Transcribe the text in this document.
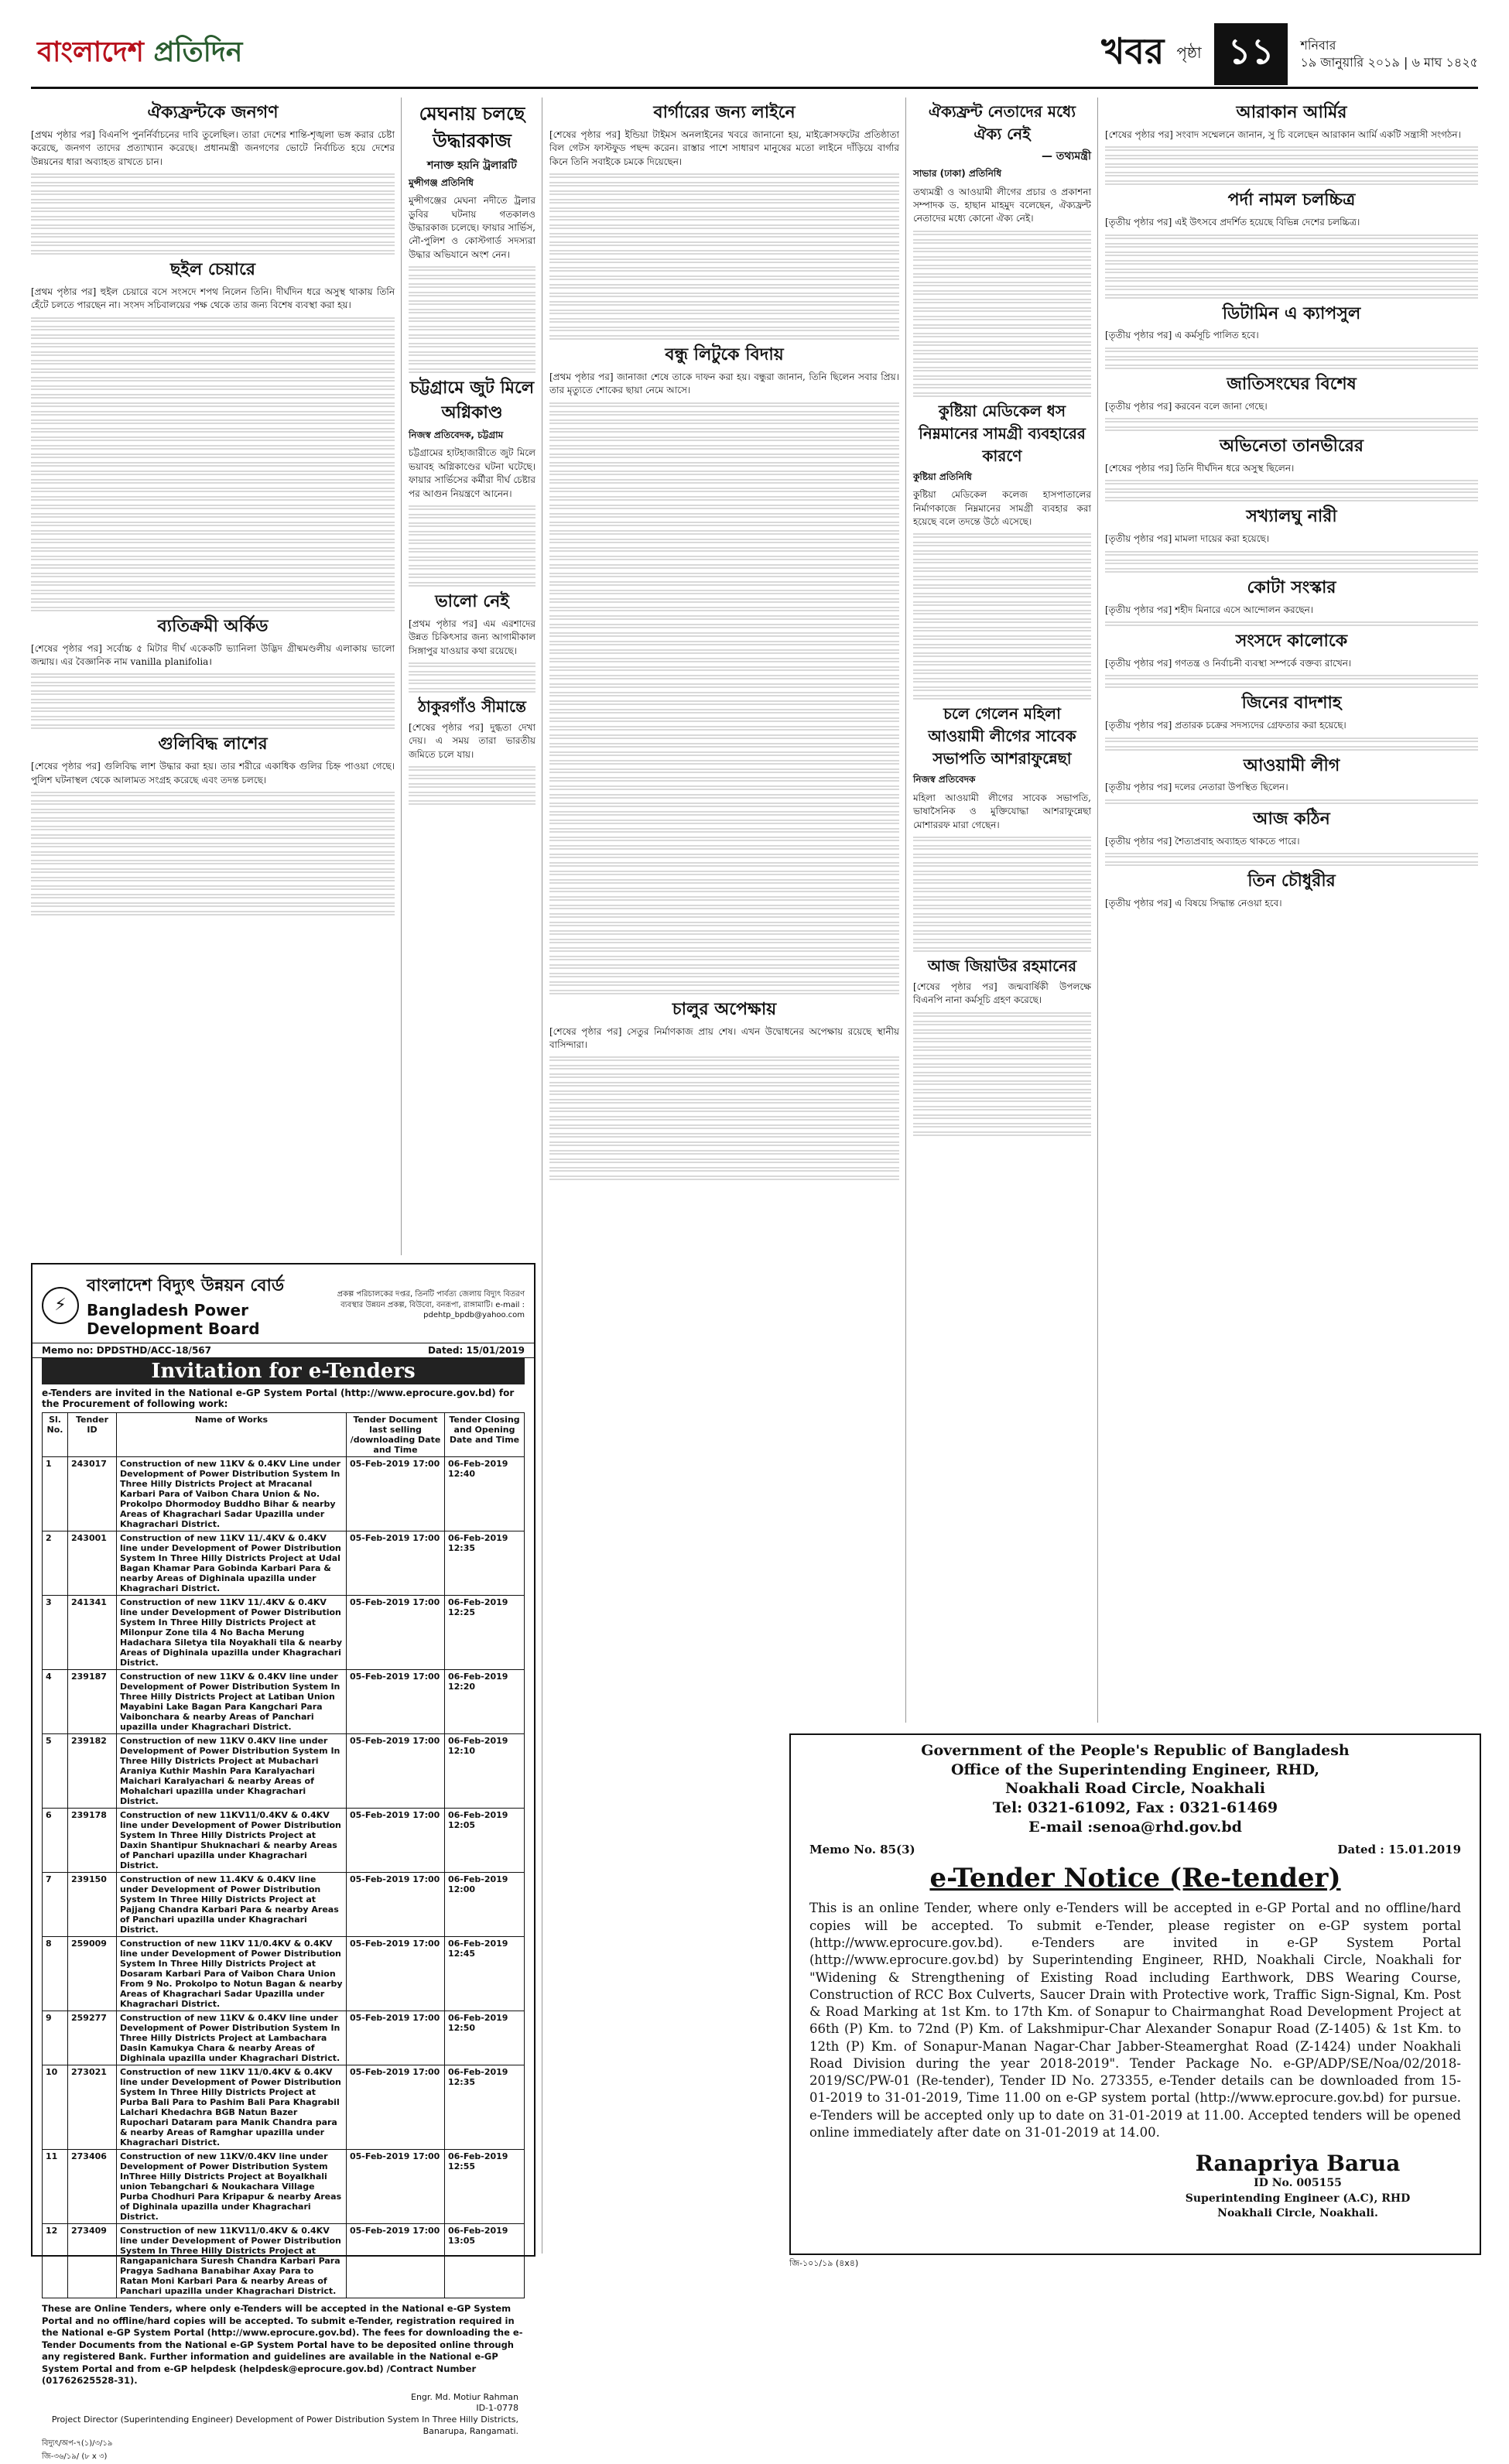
বাংলাদেশ প্রতিদিন	খবর পৃষ্ঠা ১১	শনিবার
১৯ জানুয়ারি ২০১৯ | ৬ মাঘ ১৪২৫
ঐক্যফ্রন্টকে জনগণ

[প্রথম পৃষ্ঠার পর] বিএনপি পুনর্নির্বাচনের দাবি তুলেছিল। তারা দেশের শান্তি-শৃঙ্খলা ভঙ্গ করার চেষ্টা করেছে, জনগণ তাদের প্রত্যাখ্যান করেছে। প্রধানমন্ত্রী জনগণের ভোটে নির্বাচিত হয়ে দেশের উন্নয়নের ধারা অব্যাহত রাখতে চান।

ছইল চেয়ারে

[প্রথম পৃষ্ঠার পর] হুইল চেয়ারে বসে সংসদে শপথ নিলেন তিনি। দীর্ঘদিন ধরে অসুস্থ থাকায় তিনি হেঁটে চলতে পারছেন না। সংসদ সচিবালয়ের পক্ষ থেকে তার জন্য বিশেষ ব্যবস্থা করা হয়।

ব্যতিক্রমী অর্কিড

[শেষের পৃষ্ঠার পর] সর্বোচ্চ ৫ মিটার দীর্ঘ একেকটি ভ্যানিলা উদ্ভিদ গ্রীষ্মমণ্ডলীয় এলাকায় ভালো জন্মায়। এর বৈজ্ঞানিক নাম vanilla planifolia।

গুলিবিদ্ধ লাশের

[শেষের পৃষ্ঠার পর] গুলিবিদ্ধ লাশ উদ্ধার করা হয়। তার শরীরে একাধিক গুলির চিহ্ন পাওয়া গেছে। পুলিশ ঘটনাস্থল থেকে আলামত সংগ্রহ করেছে এবং তদন্ত চলছে।

মেঘনায় চলছে উদ্ধারকাজ
শনাক্ত হয়নি ট্রলারটি
মুন্সীগঞ্জ প্রতিনিধি

মুন্সীগঞ্জের মেঘনা নদীতে ট্রলার ডুবির ঘটনায় গতকালও উদ্ধারকাজ চলেছে। ফায়ার সার্ভিস, নৌ-পুলিশ ও কোস্টগার্ড সদস্যরা উদ্ধার অভিযানে অংশ নেন।

চট্টগ্রামে জুট মিলে অগ্নিকাণ্ড
নিজস্ব প্রতিবেদক, চট্টগ্রাম

চট্টগ্রামের হাটহাজারীতে জুট মিলে ভয়াবহ অগ্নিকাণ্ডের ঘটনা ঘটেছে। ফায়ার সার্ভিসের কর্মীরা দীর্ঘ চেষ্টার পর আগুন নিয়ন্ত্রণে আনেন।

ভালো নেই

[প্রথম পৃষ্ঠার পর] এম এরশাদের উন্নত চিকিৎসার জন্য আগামীকাল সিঙ্গাপুর যাওয়ার কথা রয়েছে।

ঠাকুরগাঁও সীমান্তে

[শেষের পৃষ্ঠার পর] দুগ্ধতা দেখা দেয়। এ সময় তারা ভারতীয় জমিতে চলে যায়।

বার্গারের জন্য লাইনে

[শেষের পৃষ্ঠার পর] ইন্ডিয়া টাইমস অনলাইনের খবরে জানানো হয়, মাইক্রোসফটের প্রতিষ্ঠাতা বিল গেটস ফাস্টফুড পছন্দ করেন। রাস্তার পাশে সাধারণ মানুষের মতো লাইনে দাঁড়িয়ে বার্গার কিনে তিনি সবাইকে চমকে দিয়েছেন।

বন্ধু লিটুকে বিদায়

[প্রথম পৃষ্ঠার পর] জানাজা শেষে তাকে দাফন করা হয়। বন্ধুরা জানান, তিনি ছিলেন সবার প্রিয়। তার মৃত্যুতে শোকের ছায়া নেমে আসে।

চালুর অপেক্ষায়

[শেষের পৃষ্ঠার পর] সেতুর নির্মাণকাজ প্রায় শেষ। এখন উদ্বোধনের অপেক্ষায় রয়েছে স্থানীয় বাসিন্দারা।

ঐক্যফ্রন্ট নেতাদের মধ্যে ঐক্য নেই
— তথ্যমন্ত্রী
সাভার (ঢাকা) প্রতিনিধি

তথ্যমন্ত্রী ও আওয়ামী লীগের প্রচার ও প্রকাশনা সম্পাদক ড. হাছান মাহমুদ বলেছেন, ঐক্যফ্রন্ট নেতাদের মধ্যে কোনো ঐক্য নেই।

কুষ্টিয়া মেডিকেল ধস নিম্নমানের সামগ্রী ব্যবহারের কারণে
কুষ্টিয়া প্রতিনিধি

কুষ্টিয়া মেডিকেল কলেজ হাসপাতালের নির্মাণকাজে নিম্নমানের সামগ্রী ব্যবহার করা হয়েছে বলে তদন্তে উঠে এসেছে।

চলে গেলেন মহিলা আওয়ামী লীগের সাবেক সভাপতি আশরাফুন্নেছা
নিজস্ব প্রতিবেদক

মহিলা আওয়ামী লীগের সাবেক সভাপতি, ভাষাসৈনিক ও মুক্তিযোদ্ধা আশরাফুন্নেছা মোশাররফ মারা গেছেন।

আজ জিয়াউর রহমানের

[শেষের পৃষ্ঠার পর] জন্মবার্ষিকী উপলক্ষে বিএনপি নানা কর্মসূচি গ্রহণ করেছে।

আরাকান আর্মির

[শেষের পৃষ্ঠার পর] সংবাদ সম্মেলনে জানান, সু চি বলেছেন আরাকান আর্মি একটি সন্ত্রাসী সংগঠন।

পর্দা নামল চলচ্চিত্র

[তৃতীয় পৃষ্ঠার পর] এই উৎসবে প্রদর্শিত হয়েছে বিভিন্ন দেশের চলচ্চিত্র।

ডিটামিন এ ক্যাপসুল

[তৃতীয় পৃষ্ঠার পর] এ কর্মসূচি পালিত হবে।

জাতিসংঘের বিশেষ

[তৃতীয় পৃষ্ঠার পর] করবেন বলে জানা গেছে।

অভিনেতা তানভীরের

[শেষের পৃষ্ঠার পর] তিনি দীর্ঘদিন ধরে অসুস্থ ছিলেন।

সখ্যালঘু নারী

[তৃতীয় পৃষ্ঠার পর] মামলা দায়ের করা হয়েছে।

কোটা সংস্কার

[তৃতীয় পৃষ্ঠার পর] শহীদ মিনারে এসে আন্দোলন করছেন।

সংসদে কালোকে

[তৃতীয় পৃষ্ঠার পর] গণতন্ত্র ও নির্বাচনী ব্যবস্থা সম্পর্কে বক্তব্য রাখেন।

জিনের বাদশাহ

[তৃতীয় পৃষ্ঠার পর] প্রতারক চক্রের সদস্যদের গ্রেফতার করা হয়েছে।

আওয়ামী লীগ

[তৃতীয় পৃষ্ঠার পর] দলের নেতারা উপস্থিত ছিলেন।

আজ কঠিন

[তৃতীয় পৃষ্ঠার পর] শৈত্যপ্রবাহ অব্যাহত থাকতে পারে।

তিন চৌধুরীর

[তৃতীয় পৃষ্ঠার পর] এ বিষয়ে সিদ্ধান্ত নেওয়া হবে।

⚡
বাংলাদেশ বিদ্যুৎ উন্নয়ন বোর্ড
Bangladesh Power Development Board
প্রকল্প পরিচালকের দপ্তর, তিনটি পার্বত্য জেলায় বিদ্যুৎ বিতরণ ব্যবস্থার উন্নয়ন প্রকল্প, বিউবো, বনরূপা, রাঙ্গামাটি। e-mail : pdehtp_bpdb@yahoo.com
Memo no: DPDSTHD/ACC-18/567	Dated: 15/01/2019
Invitation for e-Tenders
e-Tenders are invited in the National e-GP System Portal (http://www.eprocure.gov.bd) for the Procurement of following work:
Sl. No.	Tender ID	Name of Works	Tender Document last selling /downloading Date and Time	Tender Closing and Opening Date and Time
1	243017	Construction of new 11KV & 0.4KV Line under Development of Power Distribution System In Three Hilly Districts Project at Mracanal Karbari Para of Vaibon Chara Union & No. Prokolpo Dhormodoy Buddho Bihar & nearby Areas of Khagrachari Sadar Upazilla under Khagrachari District.	05-Feb-2019 17:00	06-Feb-2019 12:40
2	243001	Construction of new 11KV 11/.4KV & 0.4KV line under Development of Power Distribution System In Three Hilly Districts Project at Udal Bagan Khamar Para Gobinda Karbari Para & nearby Areas of Dighinala upazilla under Khagrachari District.	05-Feb-2019 17:00	06-Feb-2019 12:35
3	241341	Construction of new 11KV 11/.4KV & 0.4KV line under Development of Power Distribution System In Three Hilly Districts Project at Milonpur Zone tila 4 No Bacha Merung Hadachara Siletya tila Noyakhali tila & nearby Areas of Dighinala upazilla under Khagrachari District.	05-Feb-2019 17:00	06-Feb-2019 12:25
4	239187	Construction of new 11KV & 0.4KV line under Development of Power Distribution System In Three Hilly Districts Project at Latiban Union Mayabini Lake Bagan Para Kangchari Para Vaibonchara & nearby Areas of Panchari upazilla under Khagrachari District.	05-Feb-2019 17:00	06-Feb-2019 12:20
5	239182	Construction of new 11KV 0.4KV line under Development of Power Distribution System In Three Hilly Districts Project at Mubachari Araniya Kuthir Mashin Para Karalyachari Maichari Karalyachari & nearby Areas of Mohalchari upazilla under Khagrachari District.	05-Feb-2019 17:00	06-Feb-2019 12:10
6	239178	Construction of new 11KV11/0.4KV & 0.4KV line under Development of Power Distribution System In Three Hilly Districts Project at Daxin Shantipur Shuknachari & nearby Areas of Panchari upazilla under Khagrachari District.	05-Feb-2019 17:00	06-Feb-2019 12:05
7	239150	Construction of new 11.4KV & 0.4KV line under Development of Power Distribution System In Three Hilly Districts Project at Pajjang Chandra Karbari Para & nearby Areas of Panchari upazilla under Khagrachari District.	05-Feb-2019 17:00	06-Feb-2019 12:00
8	259009	Construction of new 11KV 11/0.4KV & 0.4KV line under Development of Power Distribution System In Three Hilly Districts Project at Dosaram Karbari Para of Vaibon Chara Union From 9 No. Prokolpo to Notun Bagan & nearby Areas of Khagrachari Sadar Upazilla under Khagrachari District.	05-Feb-2019 17:00	06-Feb-2019 12:45
9	259277	Construction of new 11KV & 0.4KV line under Development of Power Distribution System In Three Hilly Districts Project at Lambachara Dasin Kamukya Chara & nearby Areas of Dighinala upazilla under Khagrachari District.	05-Feb-2019 17:00	06-Feb-2019 12:50
10	273021	Construction of new 11KV 11/0.4KV & 0.4KV line under Development of Power Distribution System In Three Hilly Districts Project at Purba Bali Para to Pashim Bali Para Khagrabil Lalchari Khedachra BGB Natun Bazer Rupochari Dataram para Manik Chandra para & nearby Areas of Ramghar upazilla under Khagrachari District.	05-Feb-2019 17:00	06-Feb-2019 12:35
11	273406	Construction of new 11KV/0.4KV line under Development of Power Distribution System InThree Hilly Districts Project at Boyalkhali union Tebangchari & Noukachara Village Purba Chodhuri Para Kripapur & nearby Areas of Dighinala upazilla under Khagrachari District.	05-Feb-2019 17:00	06-Feb-2019 12:55
12	273409	Construction of new 11KV11/0.4KV & 0.4KV line under Development of Power Distribution System In Three Hilly Districts Project at Rangapanichara Suresh Chandra Karbari Para Pragya Sadhana Banabihar Axay Para to Ratan Moni Karbari Para & nearby Areas of Panchari upazilla under Khagrachari District.	05-Feb-2019 17:00	06-Feb-2019 13:05
These are Online Tenders, where only e-Tenders will be accepted in the National e-GP System Portal and no offline/hard copies will be accepted. To submit e-Tender, registration required in the National e-GP System Portal (http://www.eprocure.gov.bd). The fees for downloading the e-Tender Documents from the National e-GP System Portal have to be deposited online through any registered Bank. Further information and guidelines are available in the National e-GP System Portal and from e-GP helpdesk (helpdesk@eprocure.gov.bd) /Contract Number (01762625528-31).
Engr. Md. Motiur Rahman
ID-1-0778
Project Director (Superintending Engineer) Development of Power Distribution System In Three Hilly Districts, Banarupa, Rangamati.
বিদ্যুৎ/অপ-৭(১)/৩/১৯
জি-৩৬/১৯/ (৮ x ৩)
Government of the People's Republic of Bangladesh
Office of the Superintending Engineer, RHD,
Noakhali Road Circle, Noakhali
Tel: 0321-61092, Fax : 0321-61469
E-mail :senoa@rhd.gov.bd
Memo No. 85(3)	Dated : 15.01.2019
e-Tender Notice (Re-tender)
This is an online Tender, where only e-Tenders will be accepted in e-GP Portal and no offline/hard copies will be accepted. To submit e-Tender, please register on e-GP system portal (http://www.eprocure.gov.bd). e-Tenders are invited in e-GP System Portal (http://www.eprocure.gov.bd) by Superintending Engineer, RHD, Noakhali Circle, Noakhali for "Widening & Strengthening of Existing Road including Earthwork, DBS Wearing Course, Construction of RCC Box Culverts, Saucer Drain with Protective work, Traffic Sign-Signal, Km. Post & Road Marking at 1st Km. to 17th Km. of Sonapur to Chairmanghat Road Development Project at 66th (P) Km. to 72nd (P) Km. of Lakshmipur-Char Alexander Sonapur Road (Z-1405) & 1st Km. to 12th (P) Km. of Sonapur-Manan Nagar-Char Jabber-Steamerghat Road (Z-1424) under Noakhali Road Division during the year 2018-2019". Tender Package No. e-GP/ADP/SE/Noa/02/2018-2019/SC/PW-01 (Re-tender), Tender ID No. 273355, e-Tender details can be downloaded from 15-01-2019 to 31-01-2019, Time 11.00 on e-GP system portal (http://www.eprocure.gov.bd) for pursue. e-Tenders will be accepted only up to date on 31-01-2019 at 11.00. Accepted tenders will be opened online immediately after date on 31-01-2019 at 14.00.
Ranapriya Barua
ID No. 005155
Superintending Engineer (A.C), RHD
Noakhali Circle, Noakhali.
জি-১০১/১৯ (৪x৪)
